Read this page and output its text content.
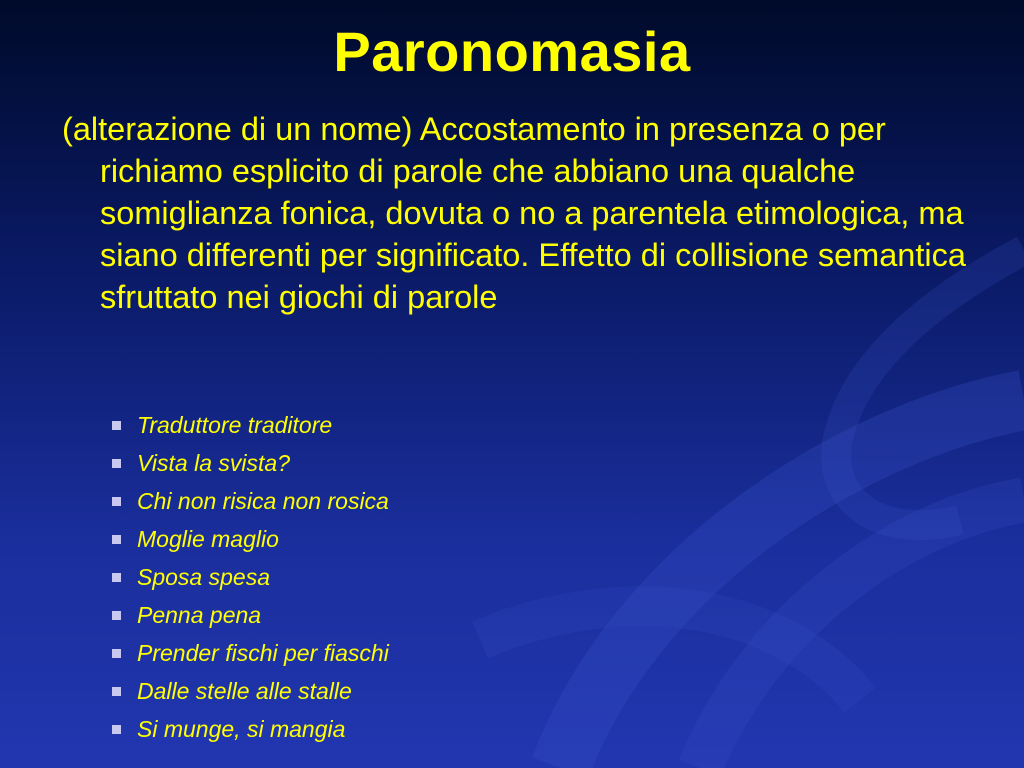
Paronomasia
(alterazione di un nome) Accostamento in presenza o per richiamo esplicito di parole che abbiano una qualche somiglianza fonica, dovuta o no a parentela etimologica, ma siano differenti per significato. Effetto di collisione semantica sfruttato nei giochi di parole
Traduttore traditore
Vista la svista?
Chi non risica non rosica
Moglie maglio
Sposa spesa
Penna pena
Prender fischi per fiaschi
Dalle stelle alle stalle
Si munge, si mangia
